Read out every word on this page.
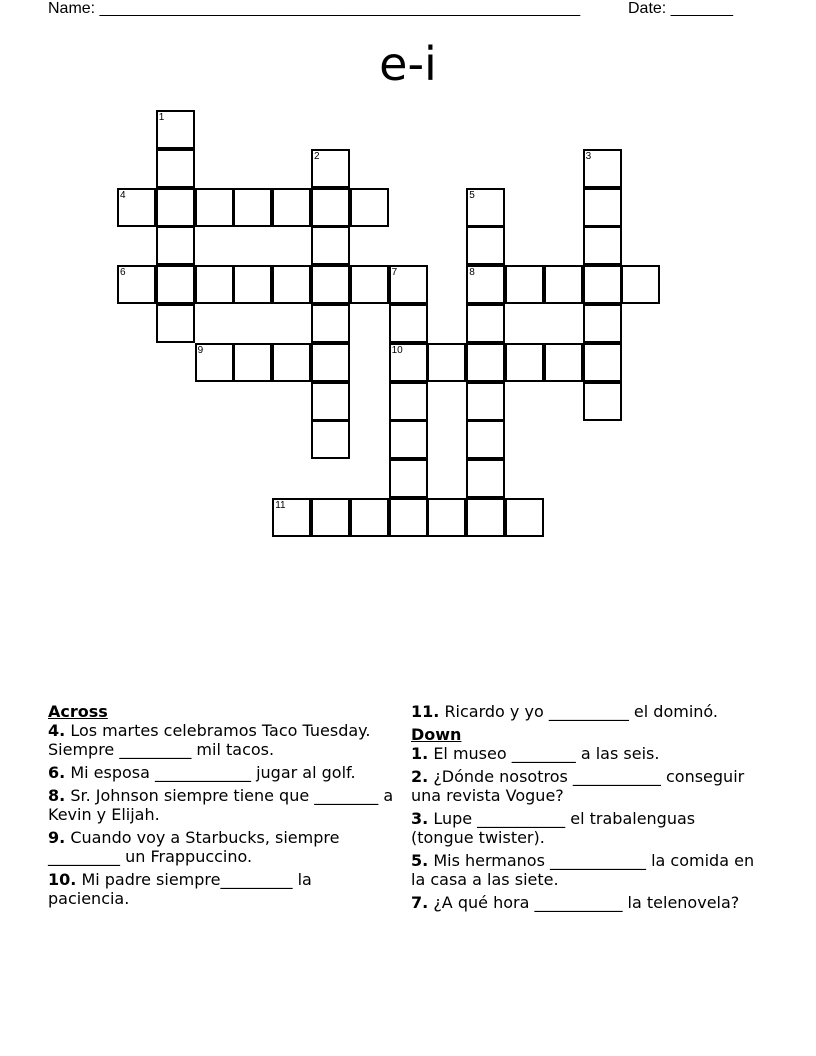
Name: ______________________________________________________	Date: _______
e-i
4
6	7	8
9	10
11
1
2	3
5

Across

4. Los martes celebramos Taco Tuesday. Siempre _________ mil tacos.

6. Mi esposa ____________ jugar al golf.

8. Sr. Johnson siempre tiene que ________ a Kevin y Elijah.

9. Cuando voy a Starbucks, siempre _________ un Frappuccino.

10. Mi padre siempre_________ la paciencia.

11. Ricardo y yo __________ el dominó.

Down

1. El museo ________ a las seis.

2. ¿Dónde nosotros ___________ conseguir una revista Vogue?

3. Lupe ___________ el trabalenguas (tongue twister).

5. Mis hermanos ____________ la comida en la casa a las siete.

7. ¿A qué hora ___________ la telenovela?
